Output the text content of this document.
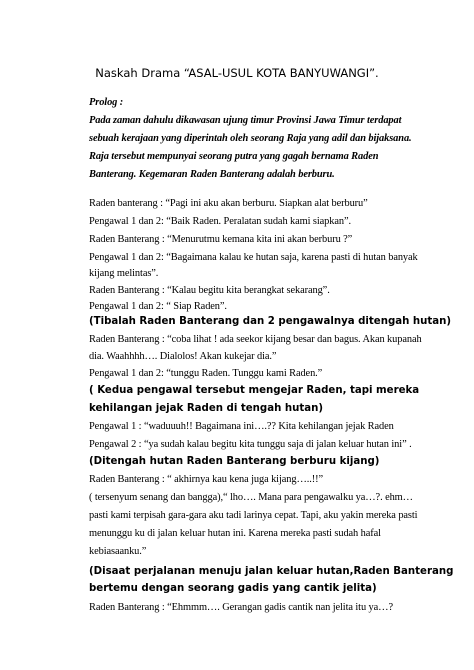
Naskah Drama “ASAL-USUL KOTA BANYUWANGI”.
Prolog :
Pada zaman dahulu dikawasan ujung timur Provinsi Jawa Timur terdapat
sebuah kerajaan yang diperintah oleh seorang Raja yang adil dan bijaksana.
Raja tersebut mempunyai seorang putra yang gagah bernama Raden
Banterang. Kegemaran Raden Banterang adalah berburu.
Raden banterang : “Pagi ini aku akan berburu. Siapkan alat berburu”
Pengawal 1 dan 2: “Baik Raden. Peralatan sudah kami siapkan”.
Raden Banterang : “Menurutmu kemana kita ini akan berburu ?”
Pengawal 1 dan 2: “Bagaimana kalau ke hutan saja, karena pasti di hutan banyak
kijang melintas”.
Raden Banterang : “Kalau begitu kita berangkat sekarang”.
Pengawal 1 dan 2: “ Siap Raden”.
(Tibalah Raden Banterang dan 2 pengawalnya ditengah hutan)
Raden Banterang : “coba lihat ! ada seekor kijang besar dan bagus. Akan kupanah
dia. Waahhhh…. Dialolos! Akan kukejar dia.”
Pengawal 1 dan 2: “tunggu Raden. Tunggu kami Raden.”
( Kedua pengawal tersebut mengejar Raden, tapi mereka
kehilangan jejak Raden di tengah hutan)
Pengawal 1 : “waduuuh!! Bagaimana ini….?? Kita kehilangan jejak Raden
Pengawal 2 : “ya sudah kalau begitu kita tunggu saja di jalan keluar hutan ini” .
(Ditengah hutan Raden Banterang berburu kijang)
Raden Banterang : “ akhirnya kau kena juga kijang…..!!”
( tersenyum senang dan bangga),“ lho…. Mana para pengawalku ya…?. ehm…
pasti kami terpisah gara-gara aku tadi larinya cepat. Tapi, aku yakin mereka pasti
menunggu ku di jalan keluar hutan ini. Karena mereka pasti sudah hafal
kebiasaanku.”
(Disaat perjalanan menuju jalan keluar hutan,Raden Banterang
bertemu dengan seorang gadis yang cantik jelita)
Raden Banterang : “Ehmmm…. Gerangan gadis cantik nan jelita itu ya…?
